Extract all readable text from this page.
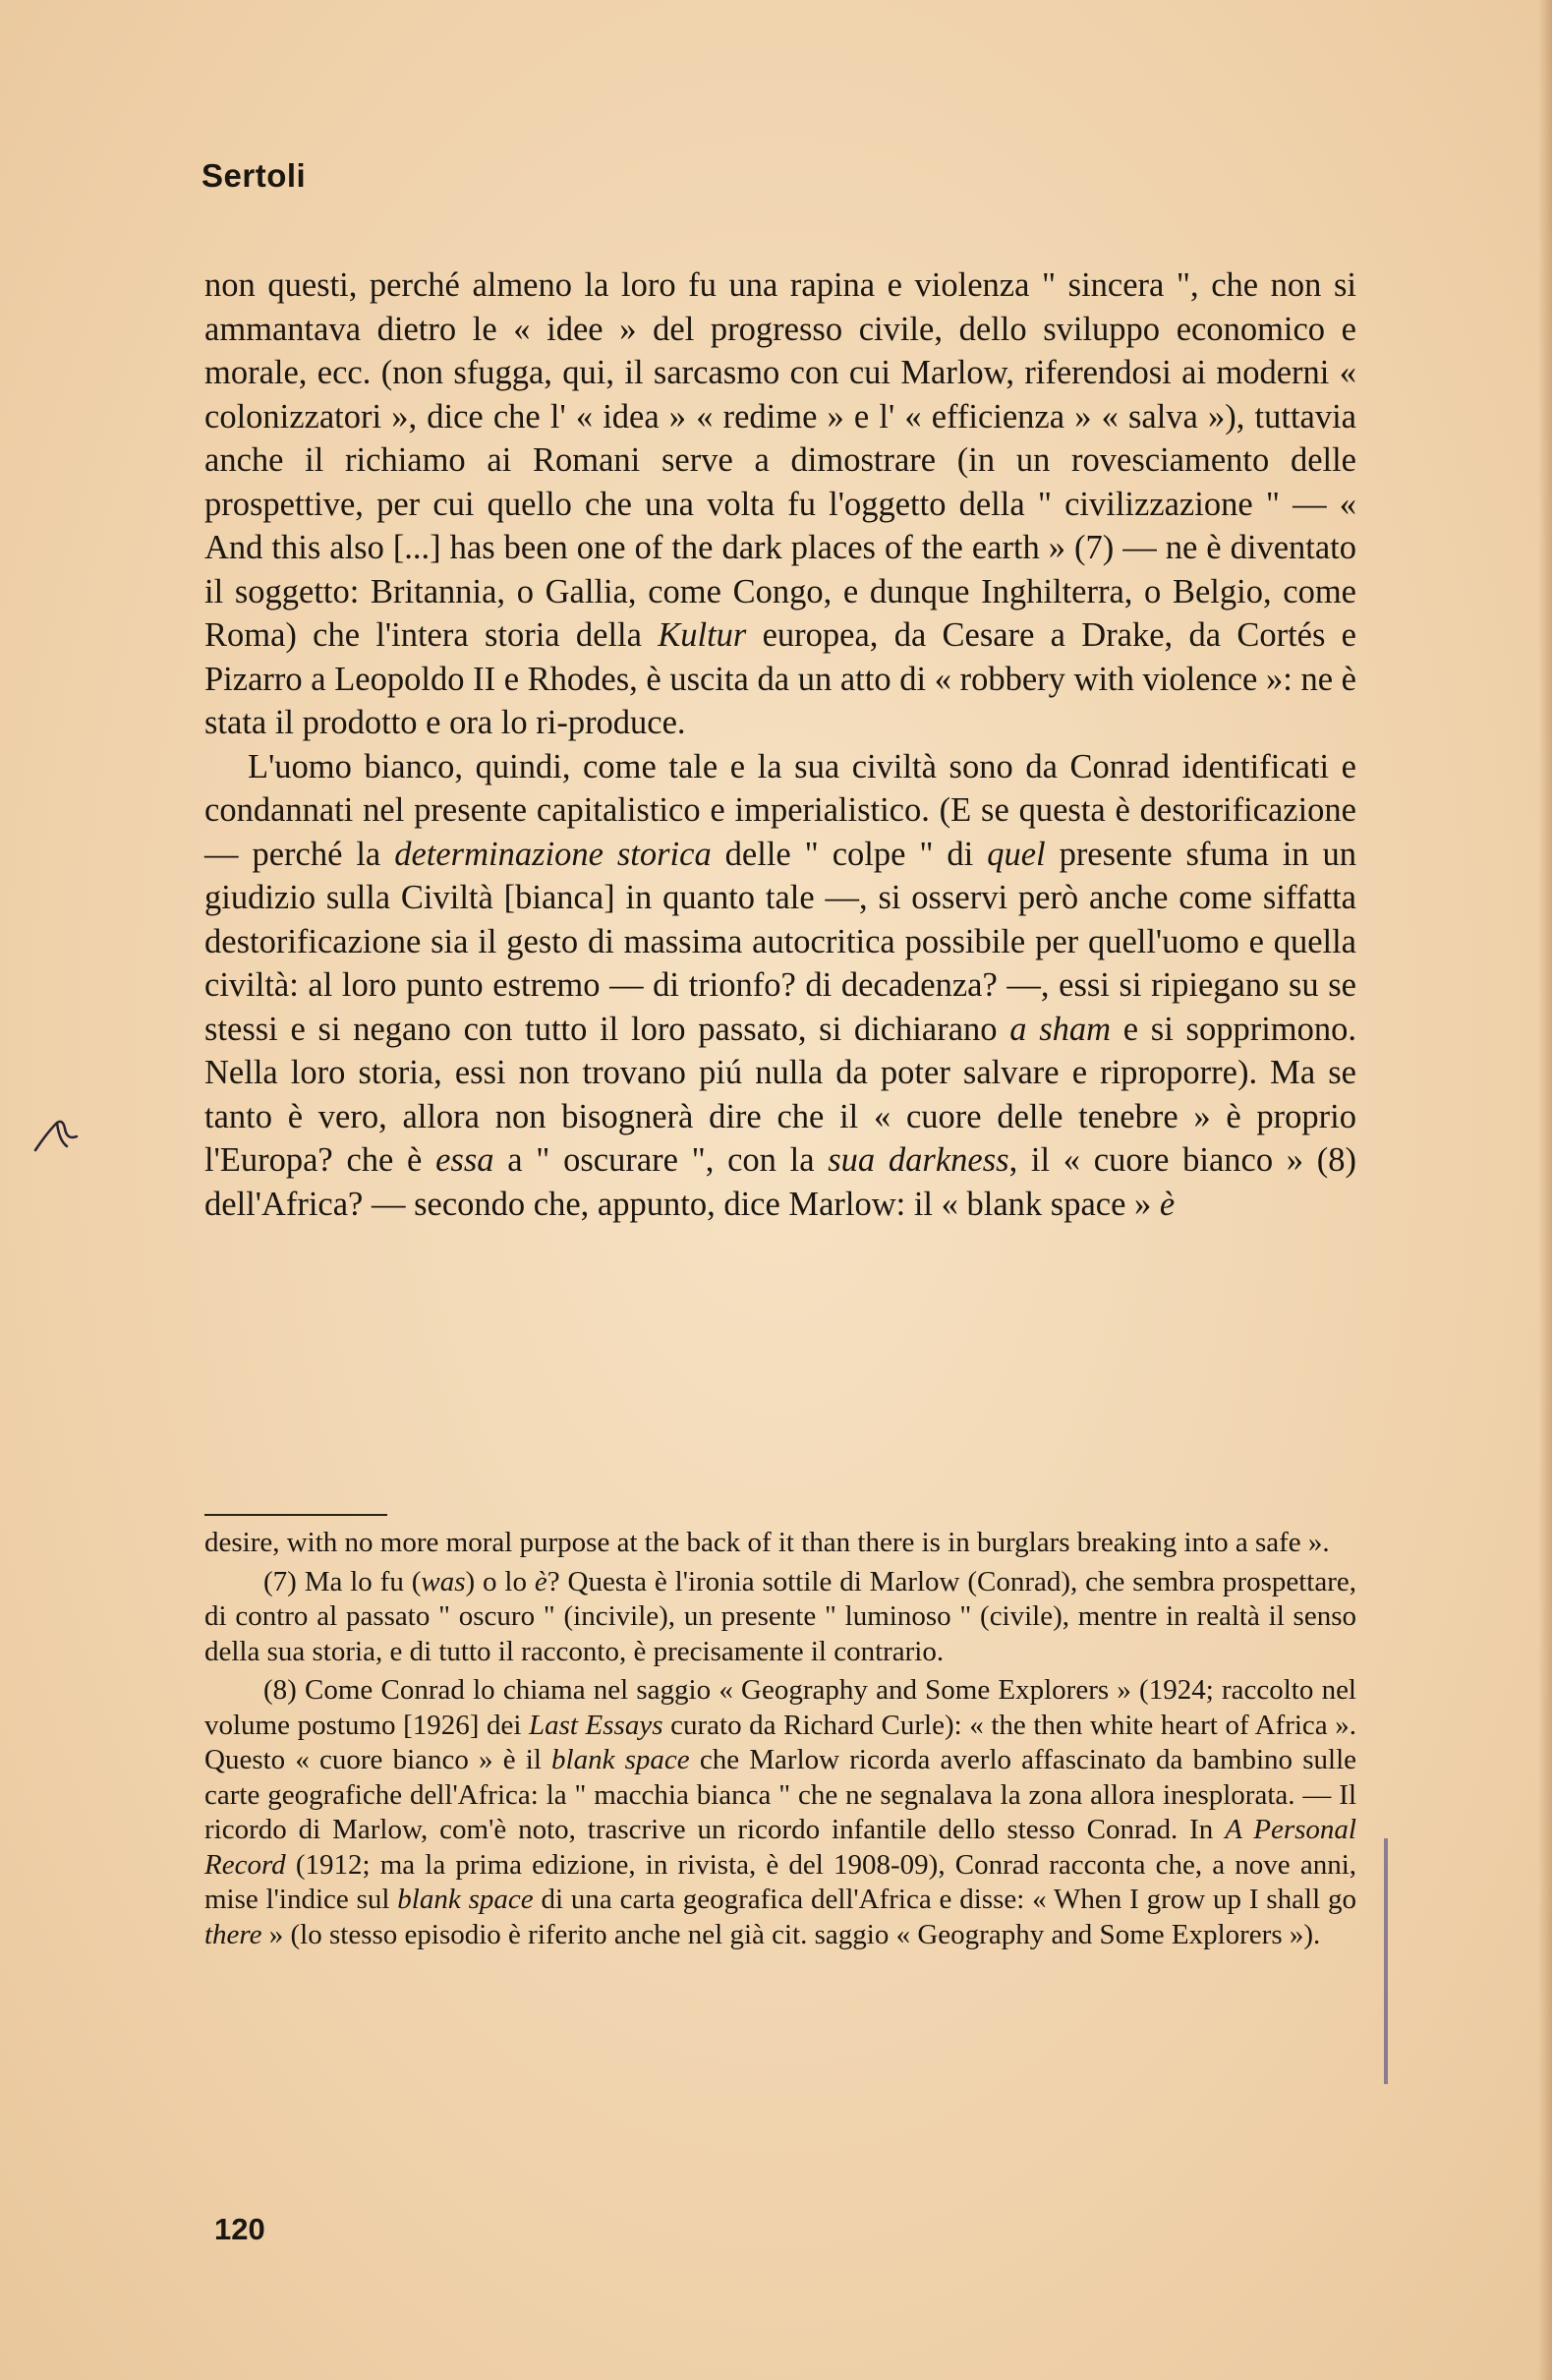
Sertoli

non questi, perché almeno la loro fu una rapina e violenza " sincera ", che non si ammantava dietro le « idee » del progresso civile, dello sviluppo economico e morale, ecc. (non sfugga, qui, il sarcasmo con cui Marlow, riferendosi ai moderni « colonizzatori », dice che l' « idea » « redime » e l' « efficienza » « salva »), tuttavia anche il richiamo ai Romani serve a dimostrare (in un rovesciamento delle prospettive, per cui quello che una volta fu l'oggetto della " civilizzazione " — « And this also [...] has been one of the dark places of the earth » (7) — ne è diventato il soggetto: Britannia, o Gallia, come Congo, e dunque Inghilterra, o Belgio, come Roma) che l'intera storia della Kultur europea, da Cesare a Drake, da Cortés e Pizarro a Leopoldo II e Rhodes, è uscita da un atto di « robbery with violence »: ne è stata il prodotto e ora lo ri-produce.

L'uomo bianco, quindi, come tale e la sua civiltà sono da Conrad identificati e condannati nel presente capitalistico e imperialistico. (E se questa è destorificazione — perché la determinazione storica delle " colpe " di quel presente sfuma in un giudizio sulla Civiltà [bianca] in quanto tale —, si osservi però anche come siffatta destorificazione sia il gesto di massima autocritica possibile per quell'uomo e quella civiltà: al loro punto estremo — di trionfo? di decadenza? —, essi si ripiegano su se stessi e si negano con tutto il loro passato, si dichiarano a sham e si sopprimono. Nella loro storia, essi non trovano piú nulla da poter salvare e riproporre). Ma se tanto è vero, allora non bisognerà dire che il « cuore delle tenebre » è proprio l'Europa? che è essa a " oscurare ", con la sua darkness, il « cuore bianco » (8) dell'Africa? — secondo che, appunto, dice Marlow: il « blank space » è

desire, with no more moral purpose at the back of it than there is in burglars breaking into a safe ».

(7) Ma lo fu (was) o lo è? Questa è l'ironia sottile di Marlow (Conrad), che sembra prospettare, di contro al passato " oscuro " (incivile), un presente " luminoso " (civile), mentre in realtà il senso della sua storia, e di tutto il racconto, è precisamente il contrario.

(8) Come Conrad lo chiama nel saggio « Geography and Some Explorers » (1924; raccolto nel volume postumo [1926] dei Last Essays curato da Richard Curle): « the then white heart of Africa ». Questo « cuore bianco » è il blank space che Marlow ricorda averlo affascinato da bambino sulle carte geografiche dell'Africa: la " macchia bianca " che ne segnalava la zona allora inesplorata. — Il ricordo di Marlow, com'è noto, trascrive un ricordo infantile dello stesso Conrad. In A Personal Record (1912; ma la prima edizione, in rivista, è del 1908-09), Conrad racconta che, a nove anni, mise l'indice sul blank space di una carta geografica dell'Africa e disse: « When I grow up I shall go there » (lo stesso episodio è riferito anche nel già cit. saggio « Geography and Some Explorers »).

120
